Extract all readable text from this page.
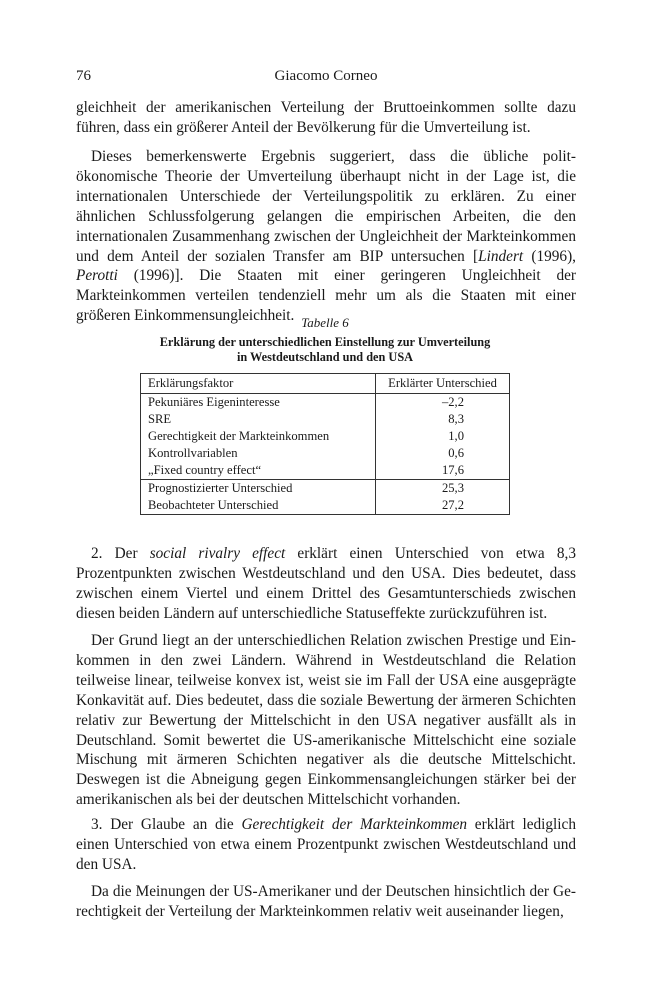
76	Giacomo Corneo

gleichheit der amerikanischen Verteilung der Bruttoeinkommen sollte dazu führen, dass ein größerer Anteil der Bevölkerung für die Umverteilung ist.

Dieses bemerkenswerte Ergebnis suggeriert, dass die übliche polit-ökonomische Theorie der Umverteilung überhaupt nicht in der Lage ist, die internationalen Unterschiede der Verteilungspolitik zu erklären. Zu einer ähnlichen Schlussfolgerung gelangen die empirischen Arbeiten, die den internationalen Zusammenhang zwischen der Ungleichheit der Markteinkommen und dem Anteil der sozialen Transfer am BIP untersuchen [Lindert (1996), Perotti (1996)]. Die Staaten mit einer geringeren Ungleichheit der Markteinkommen verteilen tendenziell mehr um als die Staaten mit einer größeren Einkommensungleichheit. Tabelle 6
Erklärung der unterschiedlichen Einstellung zur Umverteilung
in Westdeutschland und den USA
Erklärungsfaktor	Erklärter Unterschied
Pekuniäres Eigeninteresse	–2,2
SRE	8,3
Gerechtigkeit der Markteinkommen	1,0
Kontrollvariablen	0,6
„Fixed country effect“	17,6
Prognostizierter Unterschied	25,3
Beobachteter Unterschied	27,2

2. Der social rivalry effect erklärt einen Unterschied von etwa 8,3 Prozentpunkten zwischen Westdeutschland und den USA. Dies bedeutet, dass zwischen einem Viertel und einem Drittel des Gesamtunterschieds zwischen diesen beiden Ländern auf unterschiedliche Statuseffekte zurückzuführen ist.

Der Grund liegt an der unterschiedlichen Relation zwischen Prestige und Einkommen in den zwei Ländern. Während in Westdeutschland die Relation teilweise linear, teilweise konvex ist, weist sie im Fall der USA eine ausgeprägte Konkavität auf. Dies bedeutet, dass die soziale Bewertung der ärmeren Schichten relativ zur Bewertung der Mittelschicht in den USA negativer ausfällt als in Deutschland. Somit bewertet die US-amerikanische Mittelschicht eine soziale Mischung mit ärmeren Schichten negativer als die deutsche Mittelschicht. Deswegen ist die Abneigung gegen Einkommensangleichungen stärker bei der amerikanischen als bei der deutschen Mittelschicht vorhanden.

3. Der Glaube an die Gerechtigkeit der Markteinkommen erklärt lediglich einen Unterschied von etwa einem Prozentpunkt zwischen Westdeutschland und den USA.

Da die Meinungen der US-Amerikaner und der Deutschen hinsichtlich der Gerechtigkeit der Verteilung der Markteinkommen relativ weit auseinander liegen,
